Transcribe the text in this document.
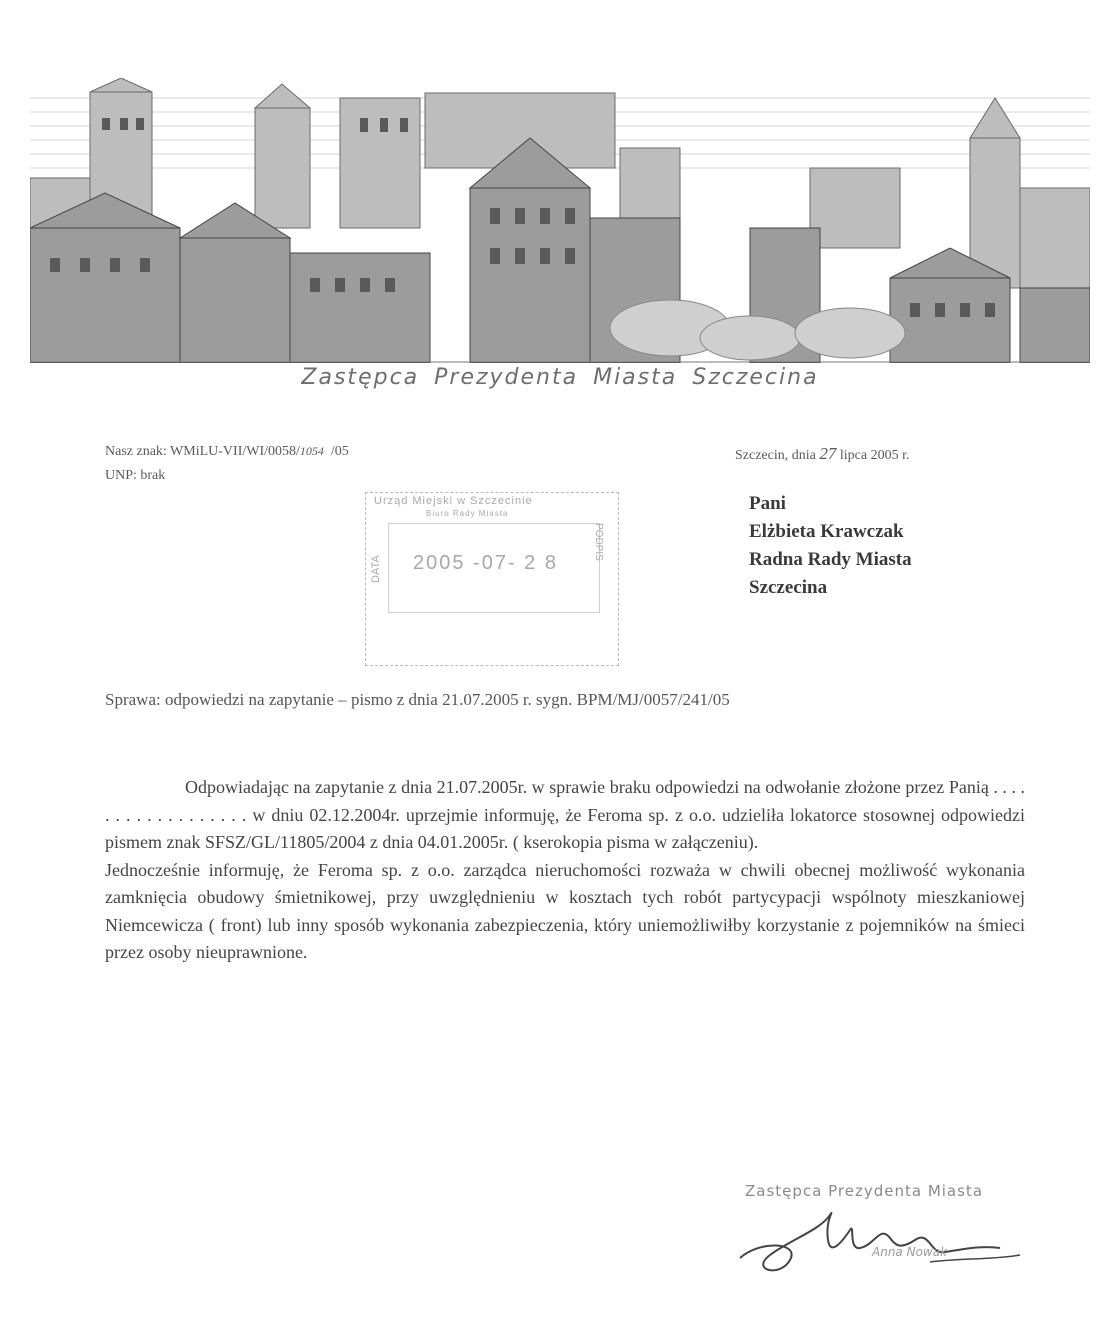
Zastępca Prezydenta Miasta Szczecina
Nasz znak: WMiLU-VII/WI/0058/1054 /05
UNP: brak
Szczecin, dnia 27 lipca 2005 r.
Urząd Miejski w Szczecinie
Biuro Rady Miasta
2005 -07- 2 8
DATA
PODPIS
Pani
Elżbieta Krawczak
Radna Rady Miasta
Szczecina
Sprawa: odpowiedzi na zapytanie – pismo z dnia 21.07.2005 r. sygn. BPM/MJ/0057/241/05

Odpowiadając na zapytanie z dnia 21.07.2005r. w sprawie braku odpowiedzi na odwołanie złożone przez Panią . . . . . . . . . . . . . . . . . . w dniu 02.12.2004r. uprzejmie informuję, że Feroma sp. z o.o. udzieliła lokatorce stosownej odpowiedzi pismem znak SFSZ/GL/11805/2004 z dnia 04.01.2005r. ( kserokopia pisma w załączeniu).

Jednocześnie informuję, że Feroma sp. z o.o. zarządca nieruchomości rozważa w chwili obecnej możliwość wykonania zamknięcia obudowy śmietnikowej, przy uwzględnieniu w kosztach tych robót partycypacji wspólnoty mieszkaniowej Niemcewicza ( front) lub inny sposób wykonania zabezpieczenia, który uniemożliwiłby korzystanie z pojemników na śmieci przez osoby nieuprawnione.

Zastępca Prezydenta Miasta
Anna Nowak
